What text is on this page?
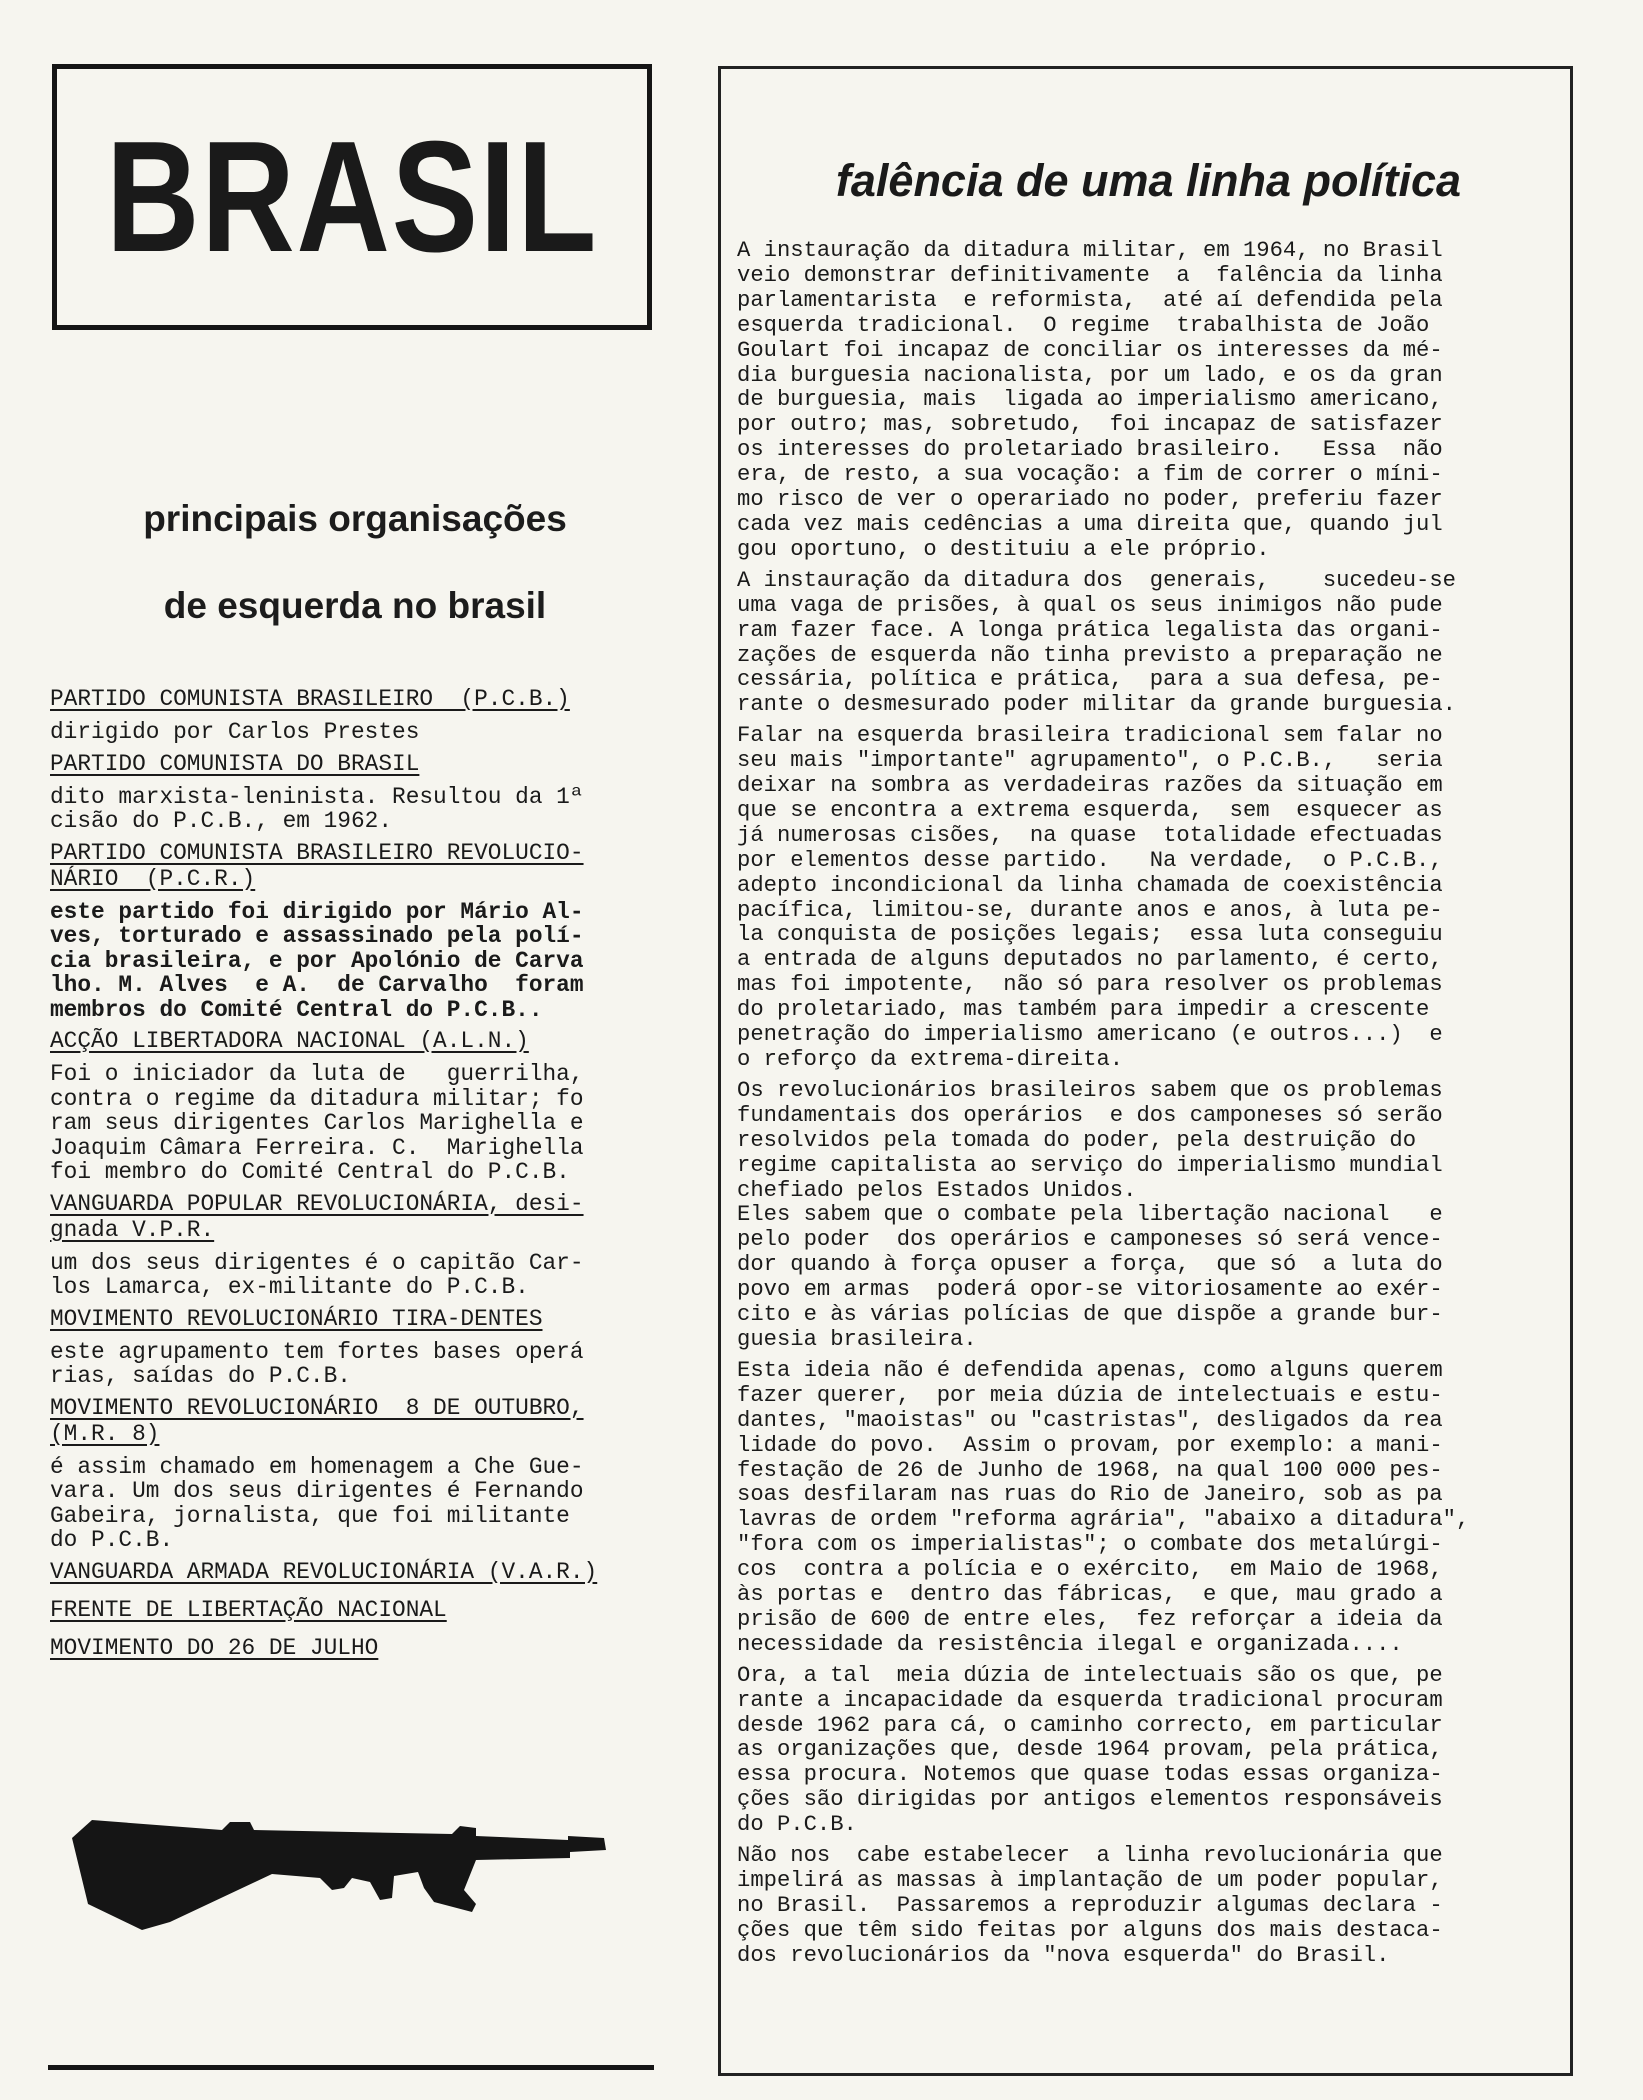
BRASIL
principais organisações
de esquerda no brasil
PARTIDO COMUNISTA BRASILEIRO  (P.C.B.)
dirigido por Carlos Prestes
PARTIDO COMUNISTA DO BRASIL
dito marxista-leninista. Resultou da 1ª
cisão do P.C.B., em 1962.
PARTIDO COMUNISTA BRASILEIRO REVOLUCIO-
NÁRIO  (P.C.R.)
este partido foi dirigido por Mário Al-
ves, torturado e assassinado pela polí-
cia brasileira, e por Apolónio de Carva
lho. M. Alves  e A.  de Carvalho  foram
membros do Comité Central do P.C.B..
ACÇÃO LIBERTADORA NACIONAL (A.L.N.)
Foi o iniciador da luta de   guerrilha,
contra o regime da ditadura militar; fo
ram seus dirigentes Carlos Marighella e
Joaquim Câmara Ferreira. C.  Marighella
foi membro do Comité Central do P.C.B.
VANGUARDA POPULAR REVOLUCIONÁRIA, desi-
gnada V.P.R.
um dos seus dirigentes é o capitão Car-
los Lamarca, ex-militante do P.C.B.
MOVIMENTO REVOLUCIONÁRIO TIRA-DENTES
este agrupamento tem fortes bases operá
rias, saídas do P.C.B.
MOVIMENTO REVOLUCIONÁRIO  8 DE OUTUBRO,
(M.R. 8)
é assim chamado em homenagem a Che Gue-
vara. Um dos seus dirigentes é Fernando
Gabeira, jornalista, que foi militante
do P.C.B.
VANGUARDA ARMADA REVOLUCIONÁRIA (V.A.R.)
FRENTE DE LIBERTAÇÃO NACIONAL
MOVIMENTO DO 26 DE JULHO
falência de uma linha política

A instauração da ditadura militar, em 1964, no Brasil
veio demonstrar definitivamente  a  falência da linha
parlamentarista  e reformista,  até aí defendida pela
esquerda tradicional.  O regime  trabalhista de João
Goulart foi incapaz de conciliar os interesses da mé-
dia burguesia nacionalista, por um lado, e os da gran
de burguesia, mais  ligada ao imperialismo americano,
por outro; mas, sobretudo,  foi incapaz de satisfazer
os interesses do proletariado brasileiro.   Essa  não
era, de resto, a sua vocação: a fim de correr o míni-
mo risco de ver o operariado no poder, preferiu fazer
cada vez mais cedências a uma direita que, quando jul
gou oportuno, o destituiu a ele próprio.

A instauração da ditadura dos  generais,    sucedeu-se
uma vaga de prisões, à qual os seus inimigos não pude
ram fazer face. A longa prática legalista das organi-
zações de esquerda não tinha previsto a preparação ne
cessária, política e prática,  para a sua defesa, pe-
rante o desmesurado poder militar da grande burguesia.

Falar na esquerda brasileira tradicional sem falar no
seu mais "importante" agrupamento", o P.C.B.,   seria
deixar na sombra as verdadeiras razões da situação em
que se encontra a extrema esquerda,  sem  esquecer as
já numerosas cisões,  na quase  totalidade efectuadas
por elementos desse partido.   Na verdade,  o P.C.B.,
adepto incondicional da linha chamada de coexistência
pacífica, limitou-se, durante anos e anos, à luta pe-
la conquista de posições legais;  essa luta conseguiu
a entrada de alguns deputados no parlamento, é certo,
mas foi impotente,  não só para resolver os problemas
do proletariado, mas também para impedir a crescente
penetração do imperialismo americano (e outros...)  e
o reforço da extrema-direita.

Os revolucionários brasileiros sabem que os problemas
fundamentais dos operários  e dos camponeses só serão
resolvidos pela tomada do poder, pela destruição do
regime capitalista ao serviço do imperialismo mundial
chefiado pelos Estados Unidos.
Eles sabem que o combate pela libertação nacional   e
pelo poder  dos operários e camponeses só será vence-
dor quando à força opuser a força,  que só  a luta do
povo em armas  poderá opor-se vitoriosamente ao exér-
cito e às várias polícias de que dispõe a grande bur-
guesia brasileira.

Esta ideia não é defendida apenas, como alguns querem
fazer querer,  por meia dúzia de intelectuais e estu-
dantes, "maoistas" ou "castristas", desligados da rea
lidade do povo.  Assim o provam, por exemplo: a mani-
festação de 26 de Junho de 1968, na qual 100 000 pes-
soas desfilaram nas ruas do Rio de Janeiro, sob as pa
lavras de ordem "reforma agrária", "abaixo a ditadura",
"fora com os imperialistas"; o combate dos metalúrgi-
cos  contra a polícia e o exército,  em Maio de 1968,
às portas e  dentro das fábricas,  e que, mau grado a
prisão de 600 de entre eles,  fez reforçar a ideia da
necessidade da resistência ilegal e organizada....

Ora, a tal  meia dúzia de intelectuais são os que, pe
rante a incapacidade da esquerda tradicional procuram
desde 1962 para cá, o caminho correcto, em particular
as organizações que, desde 1964 provam, pela prática,
essa procura. Notemos que quase todas essas organiza-
ções são dirigidas por antigos elementos responsáveis
do P.C.B.

Não nos  cabe estabelecer  a linha revolucionária que
impelirá as massas à implantação de um poder popular,
no Brasil.  Passaremos a reproduzir algumas declara -
ções que têm sido feitas por alguns dos mais destaca-
dos revolucionários da "nova esquerda" do Brasil.
